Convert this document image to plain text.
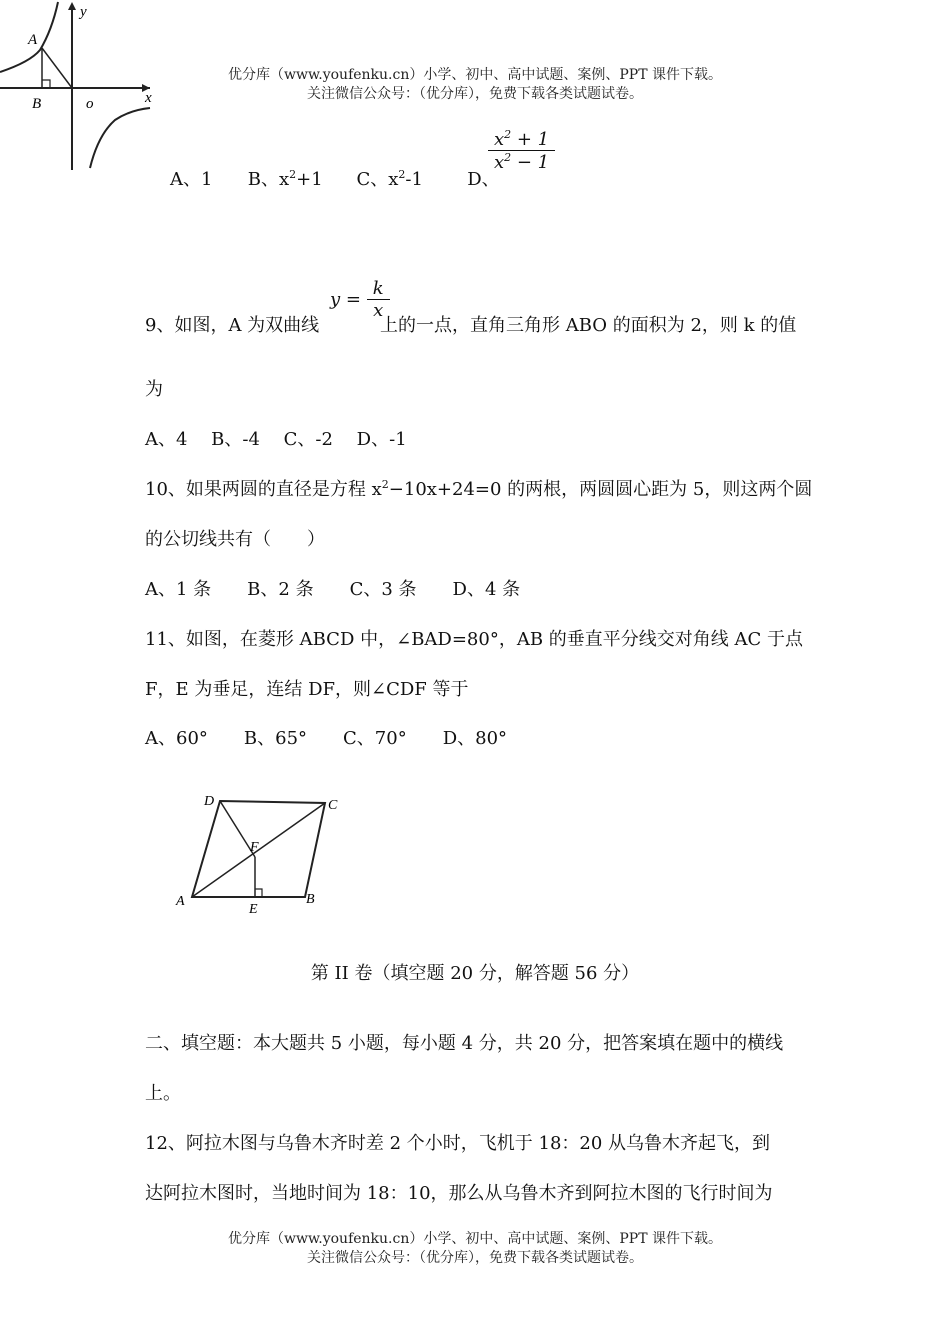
y
x
A
B	o
优分库（www.youfenku.cn）小学、初中、高中试题、案例、PPT 课件下载。
关注微信公众号：（优分库），免费下载各类试题试卷。
A、1 B、$x^2+1$ C、$x^2-1$ D、
$\frac{x^2 + 1}{x^2 - 1}$
9、如图，A 为双曲线
$y = \frac{k}{x}$
上的一点，直角三角形 ABO 的面积为 2，则 k 的值
为
A、4　 B、-4　 C、-2　 D、-1
10、如果两圆的直径是方程 $x^2-10x+24=0$ 的两根，两圆圆心距为 5，则这两个圆
的公切线共有（　　）
A、1 条　　B、2 条　　C、3 条　　D、4 条
11、如图，在菱形 ABCD 中，∠BAD=80°，AB 的垂直平分线交对角线 AC 于点
F，E 为垂足，连结 DF，则∠CDF 等于
A、60°　　B、65°　　C、70°　　D、80°
D	C
F
A
E
B
第 II 卷（填空题 20 分，解答题 56 分）
二、填空题：本大题共 5 小题，每小题 4 分，共 20 分，把答案填在题中的横线
上。
12、阿拉木图与乌鲁木齐时差 2 个小时，飞机于 18：20 从乌鲁木齐起飞，到
达阿拉木图时，当地时间为 18：10，那么从乌鲁木齐到阿拉木图的飞行时间为
优分库（www.youfenku.cn）小学、初中、高中试题、案例、PPT 课件下载。
关注微信公众号：（优分库），免费下载各类试题试卷。
